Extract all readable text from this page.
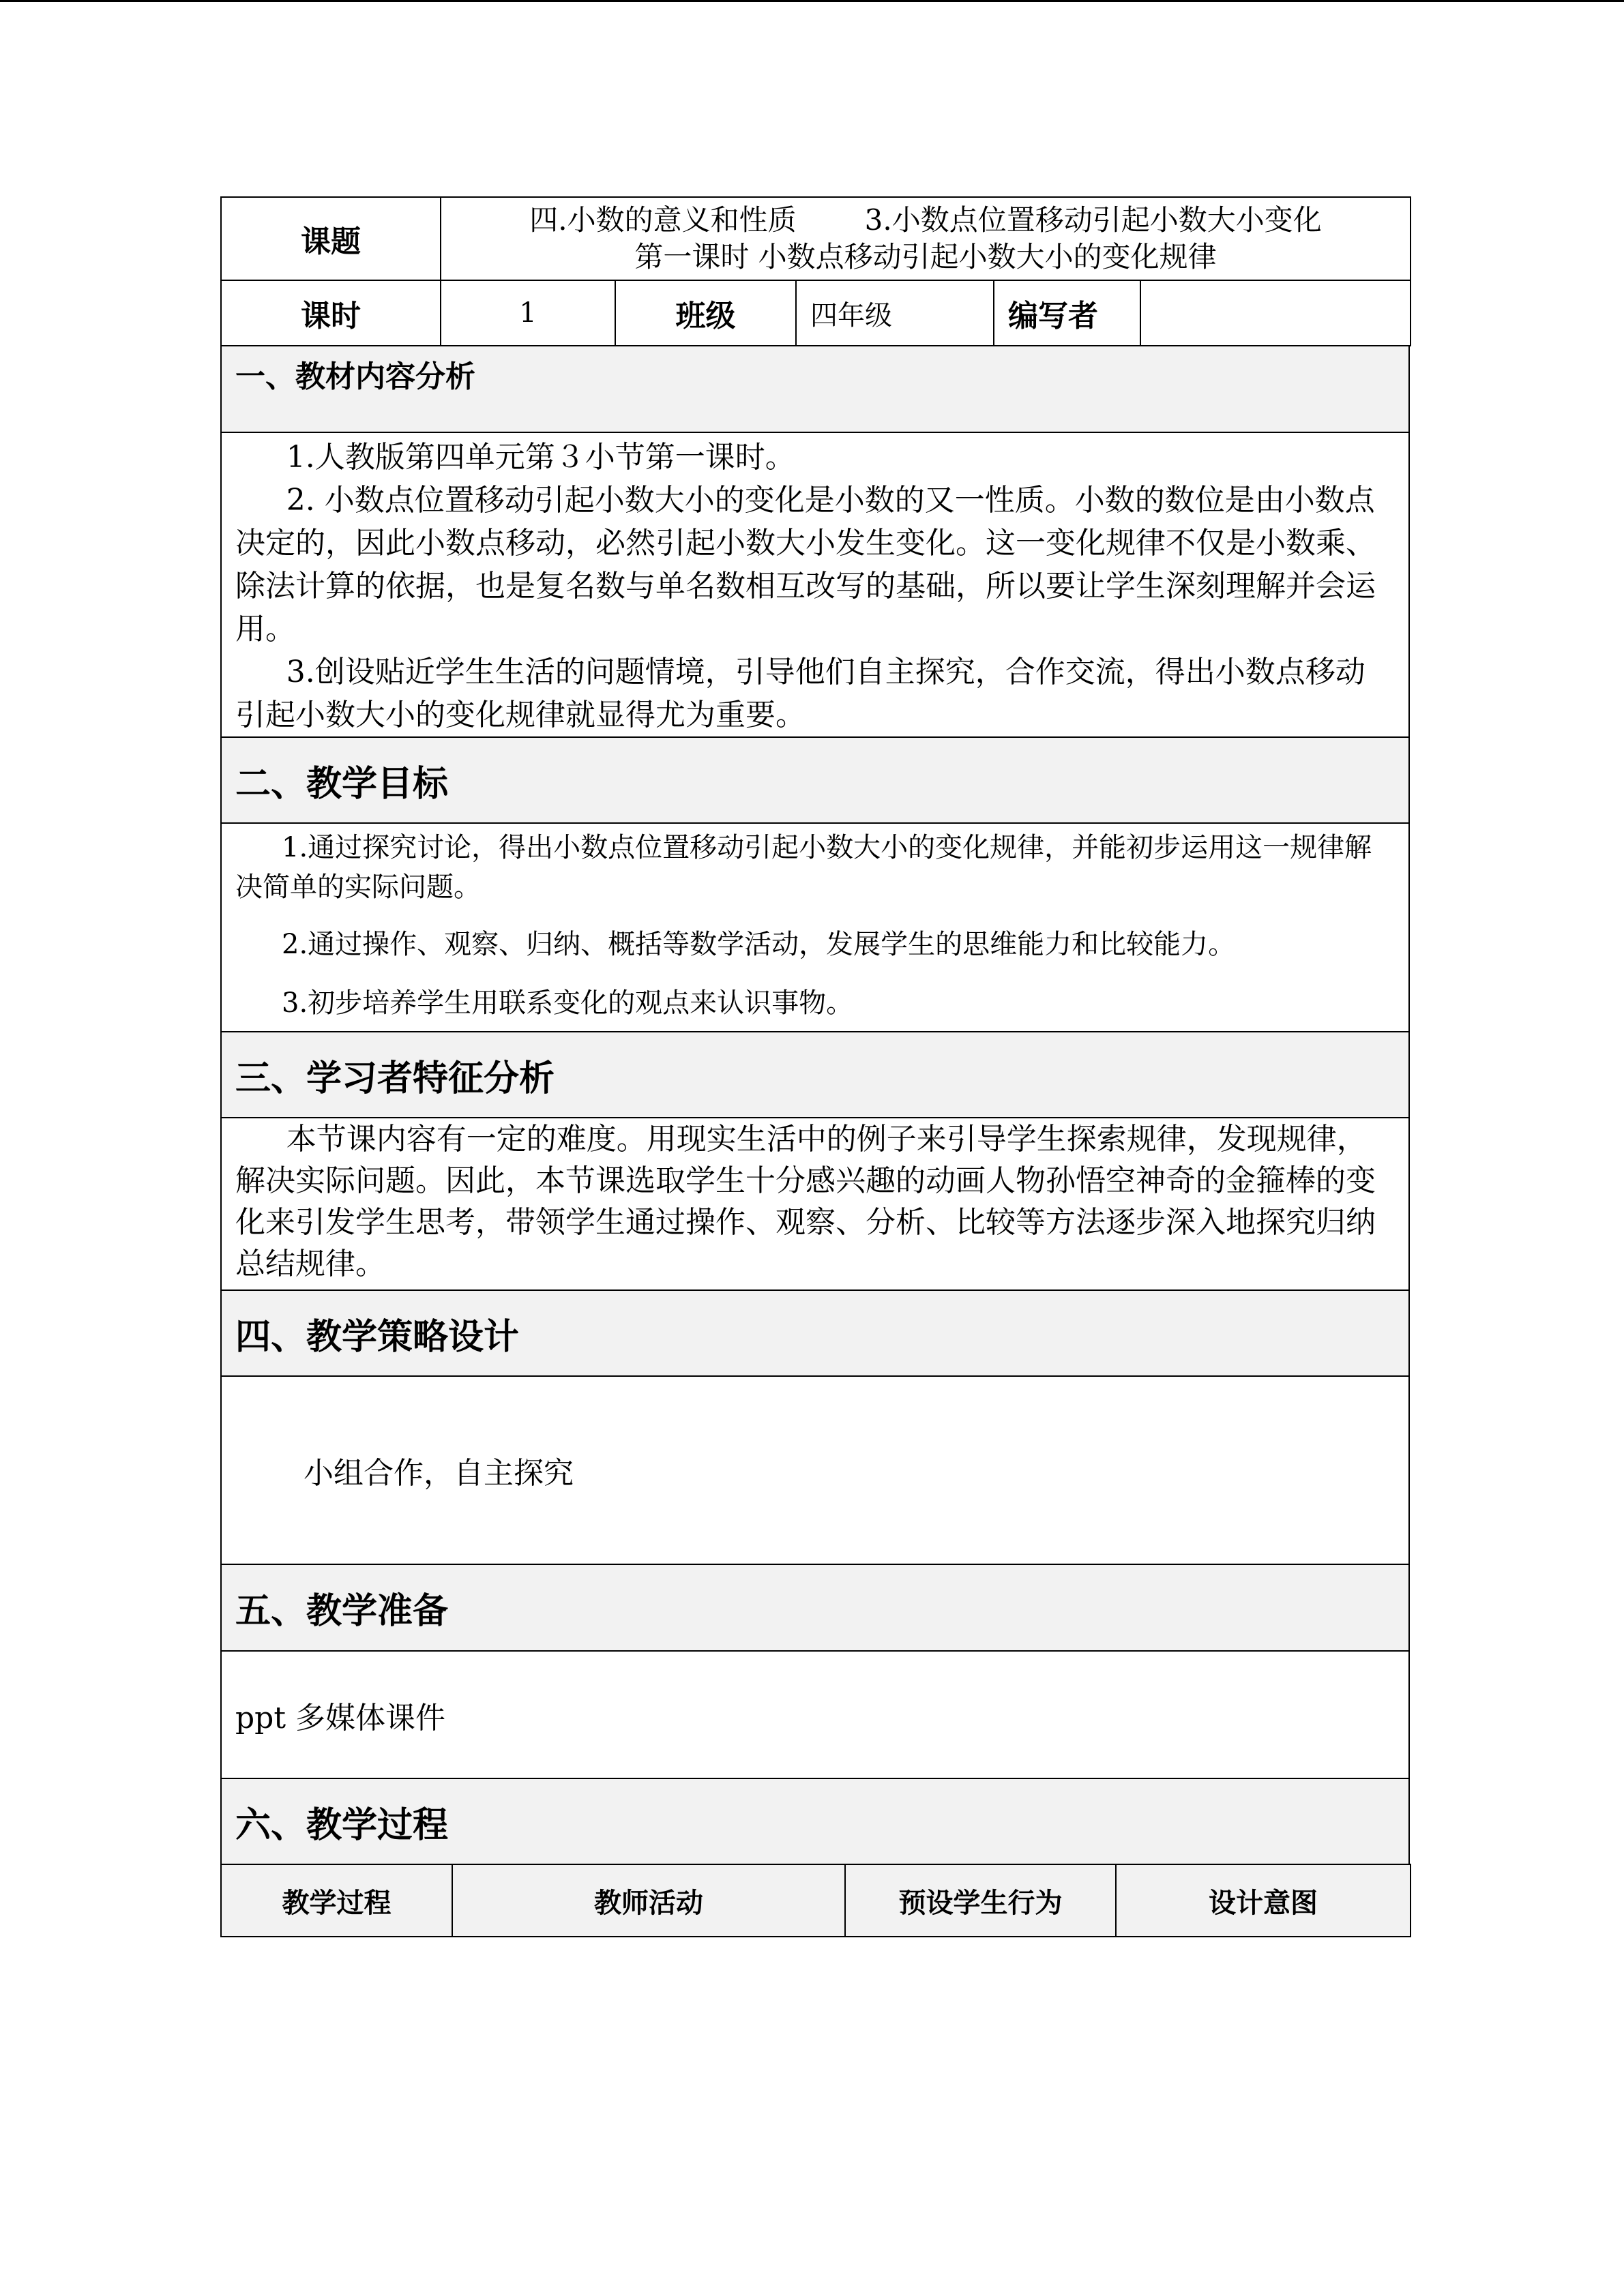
课题	四.小数的意义和性质 3.小数点位置移动引起小数大小变化
第一课时 小数点移动引起小数大小的变化规律				

课时	1	班级	四年级	编写者	
一、教材内容分析

1.人教版第四单元第３小节第一课时。

2. 小数点位置移动引起小数大小的变化是小数的又一性质。小数的数位是由小数点决定的，因此小数点移动，必然引起小数大小发生变化。这一变化规律不仅是小数乘、除法计算的依据，也是复名数与单名数相互改写的基础，所以要让学生深刻理解并会运用。

3.创设贴近学生生活的问题情境，引导他们自主探究，合作交流，得出小数点移动引起小数大小的变化规律就显得尤为重要。

二、教学目标

1.通过探究讨论，得出小数点位置移动引起小数大小的变化规律，并能初步运用这一规律解决简单的实际问题。

2.通过操作、观察、归纳、概括等数学活动，发展学生的思维能力和比较能力。

3.初步培养学生用联系变化的观点来认识事物。

三、学习者特征分析
本节课内容有一定的难度。用现实生活中的例子来引导学生探索规律，发现规律，解决实际问题。因此，本节课选取学生十分感兴趣的动画人物孙悟空神奇的金箍棒的变化来引发学生思考，带领学生通过操作、观察、分析、比较等方法逐步深入地探究归纳总结规律。
四、教学策略设计
小组合作，自主探究
五、教学准备
ppt 多媒体课件
六、教学过程
教学过程	教师活动	预设学生行为	设计意图
